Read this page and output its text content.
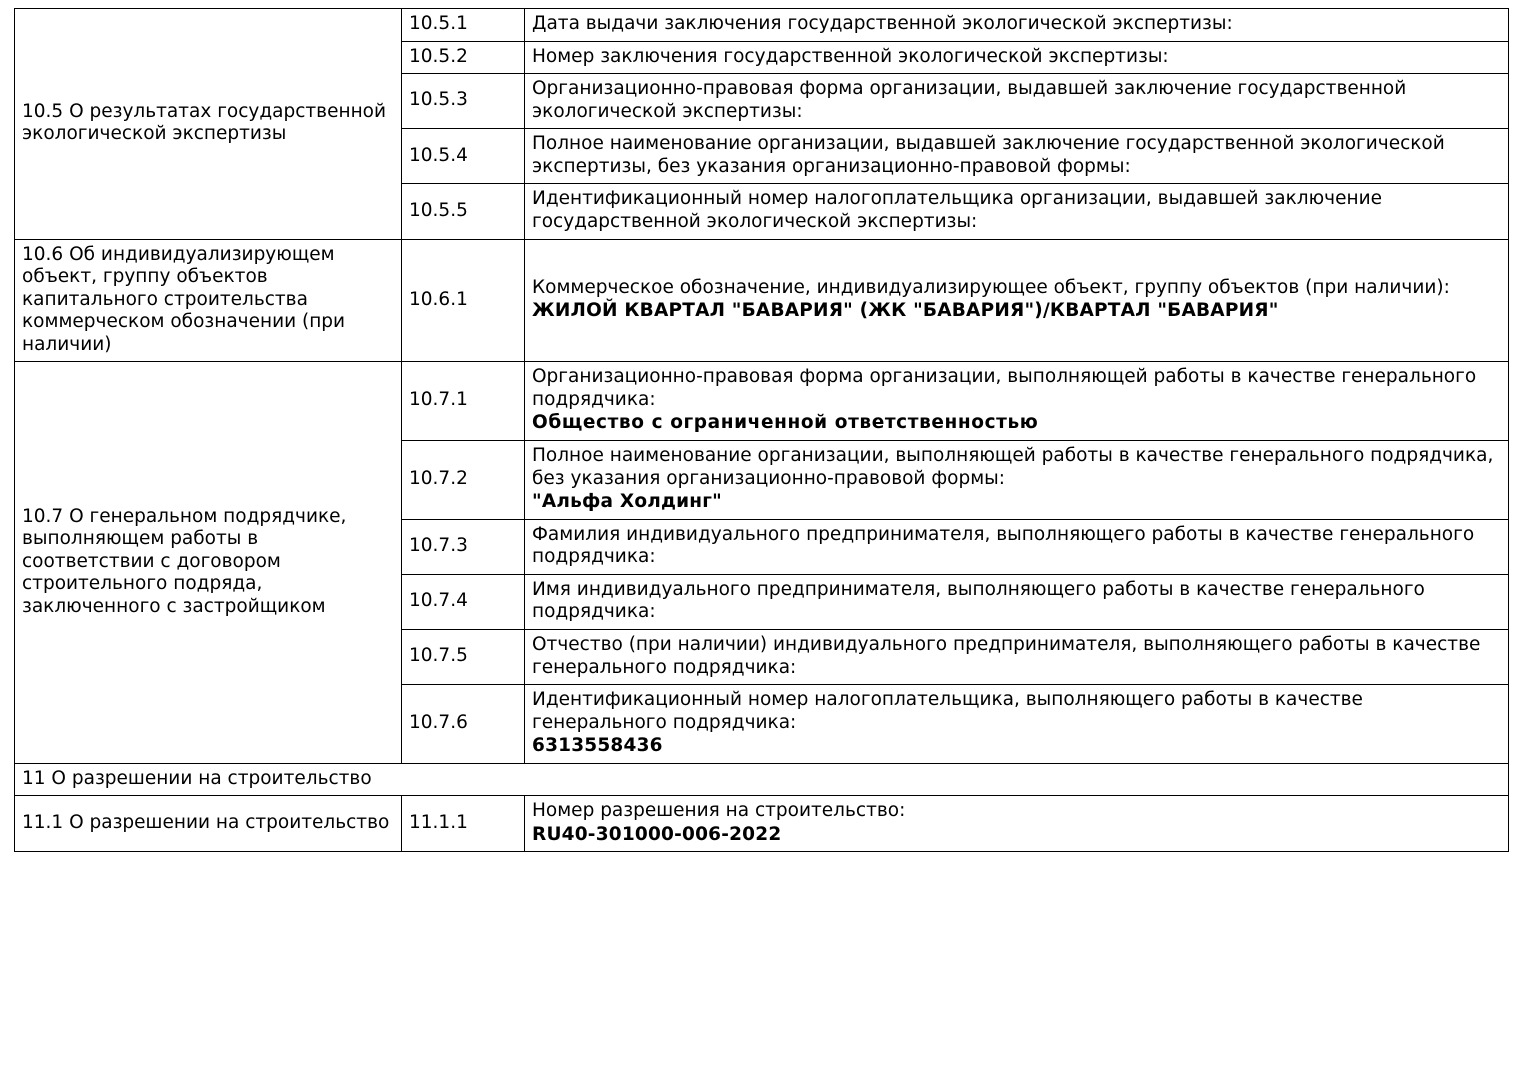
10.5 О результатах государственной экологической экспертизы	10.5.1	Дата выдачи заключения государственной экологической экспертизы:

	10.5.2	Номер заключения государственной экологической экспертизы:

	10.5.3	Организационно-правовая форма организации, выдавшей заключение государственной экологической экспертизы:

	10.5.4	Полное наименование организации, выдавшей заключение государственной экологической экспертизы, без указания организационно-правовой формы:

	10.5.5	Идентификационный номер налогоплательщика организации, выдавшей заключение государственной экологической экспертизы:

10.6 Об индивидуализирующем объект, группу объектов капитального строительства коммерческом обозначении (при наличии)	10.6.1	Коммерческое обозначение, индивидуализирующее объект, группу объектов (при наличии):
ЖИЛОЙ КВАРТАЛ "БАВАРИЯ" (ЖК "БАВАРИЯ")/КВАРТАЛ "БАВАРИЯ"

10.7 О генеральном подрядчике, выполняющем работы в соответствии с договором строительного подряда, заключенного с застройщиком	10.7.1	Организационно-правовая форма организации, выполняющей работы в качестве генерального подрядчика:
Общество с ограниченной ответственностью

	10.7.2	Полное наименование организации, выполняющей работы в качестве генерального подрядчика, без указания организационно-правовой формы:
"Альфа Холдинг"

	10.7.3	Фамилия индивидуального предпринимателя, выполняющего работы в качестве генерального подрядчика:

	10.7.4	Имя индивидуального предпринимателя, выполняющего работы в качестве генерального подрядчика:

	10.7.5	Отчество (при наличии) индивидуального предпринимателя, выполняющего работы в качестве генерального подрядчика:

	10.7.6	Идентификационный номер налогоплательщика, выполняющего работы в качестве генерального подрядчика:
6313558436

11 О разрешении на строительство		
11.1 О разрешении на строительство	11.1.1	Номер разрешения на строительство:
RU40-301000-006-2022
